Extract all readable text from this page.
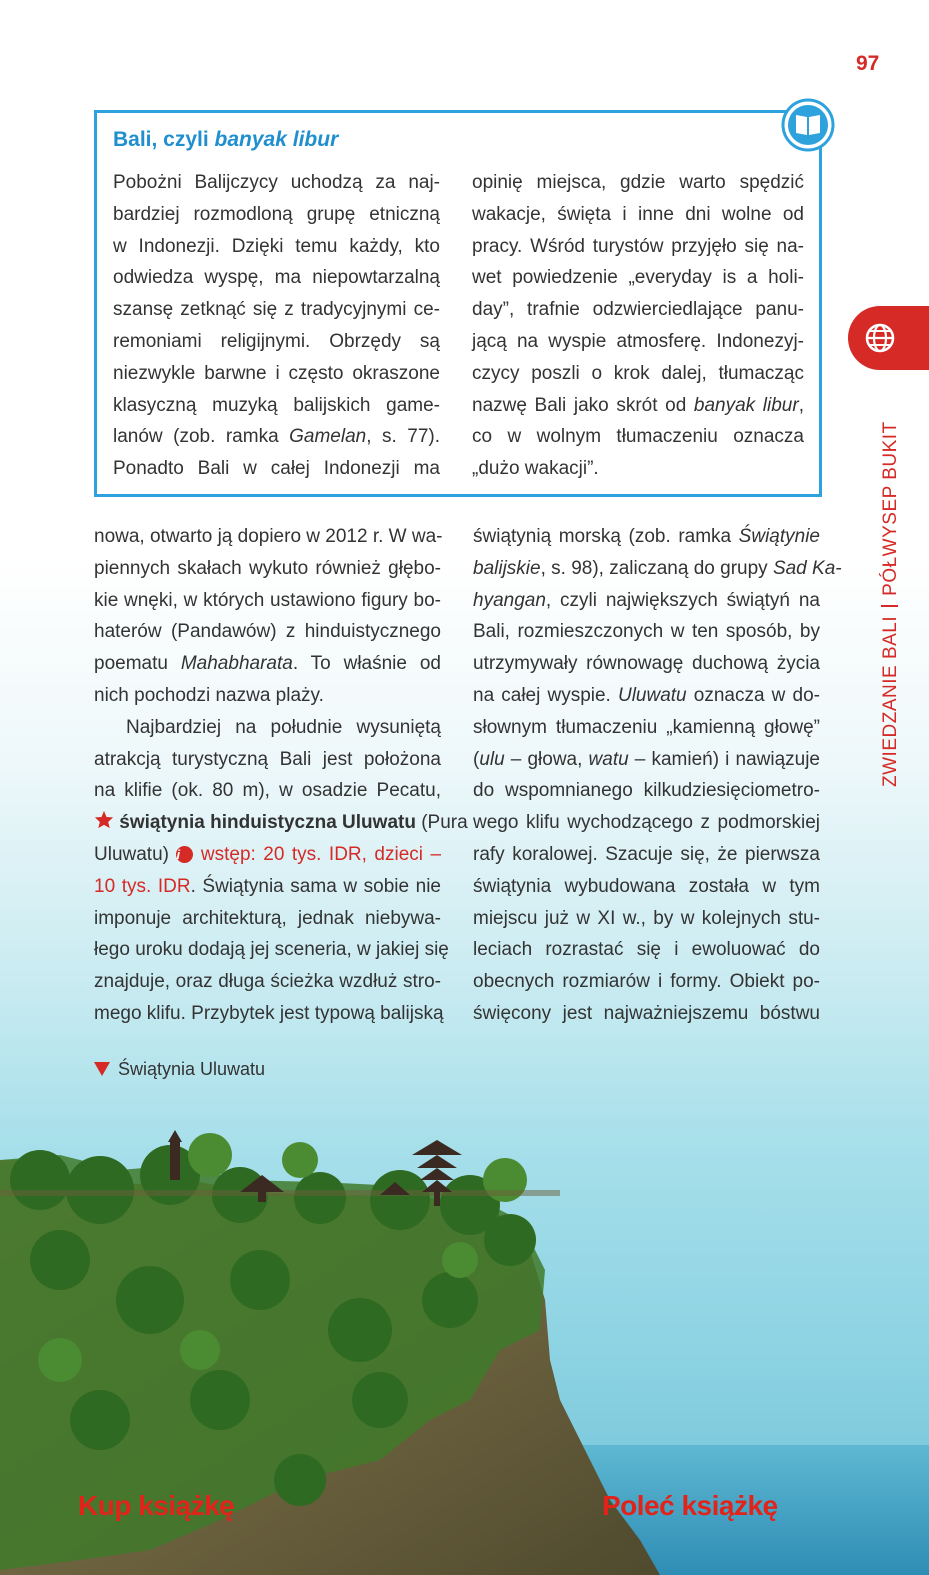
97
ZWIEDZANIE BALIPÓŁWYSEP BUKIT
Bali, czyli banyak libur
Pobożni Balijczycy uchodzą za naj-
bardziej rozmodloną grupę etniczną
w Indonezji. Dzięki temu każdy, kto
odwiedza wyspę, ma niepowtarzalną
szansę zetknąć się z tradycyjnymi ce-
remoniami religijnymi. Obrzędy są
niezwykle barwne i często okraszone
klasyczną muzyką balijskich game-
lanów (zob. ramka Gamelan, s. 77).
Ponadto Bali w całej Indonezji ma
opinię miejsca, gdzie warto spędzić
wakacje, święta i inne dni wolne od
pracy. Wśród turystów przyjęło się na-
wet powiedzenie „everyday is a holi-
day”, trafnie odzwierciedlające panu-
jącą na wyspie atmosferę. Indonezyj-
czycy poszli o krok dalej, tłumacząc
nazwę Bali jako skrót od banyak libur,
co w wolnym tłumaczeniu oznacza
„dużo wakacji”.
nowa, otwarto ją dopiero w 2012 r. W wa-
piennych skałach wykuto również głębo-
kie wnęki, w których ustawiono figury bo-
haterów (Pandawów) z hinduistycznego
poematu Mahabharata. To właśnie od
nich pochodzi nazwa plaży.
Najbardziej na południe wysuniętą
atrakcją turystyczną Bali jest położona
na klifie (ok. 80 m), w osadzie Pecatu,
świątynia hinduistyczna Uluwatu (Pura
Uluwatu) i wstęp: 20 tys. IDR, dzieci –
10 tys. IDR. Świątynia sama w sobie nie
imponuje architekturą, jednak niebywa-
łego uroku dodają jej sceneria, w jakiej się
znajduje, oraz długa ścieżka wzdłuż stro-
mego klifu. Przybytek jest typową balijską
świątynią morską (zob. ramka Świątynie
balijskie, s. 98), zaliczaną do grupy Sad Ka-
hyangan, czyli największych świątyń na
Bali, rozmieszczonych w ten sposób, by
utrzymywały równowagę duchową życia
na całej wyspie. Uluwatu oznacza w do-
słownym tłumaczeniu „kamienną głowę”
(ulu – głowa, watu – kamień) i nawiązuje
do wspomnianego kilkudziesięciometro-
wego klifu wychodzącego z podmorskiej
rafy koralowej. Szacuje się, że pierwsza
świątynia wybudowana została w tym
miejscu już w XI w., by w kolejnych stu-
leciach rozrastać się i ewoluować do
obecnych rozmiarów i formy. Obiekt po-
święcony jest najważniejszemu bóstwu
Świątynia Uluwatu
Kup książkę	Poleć książkę
